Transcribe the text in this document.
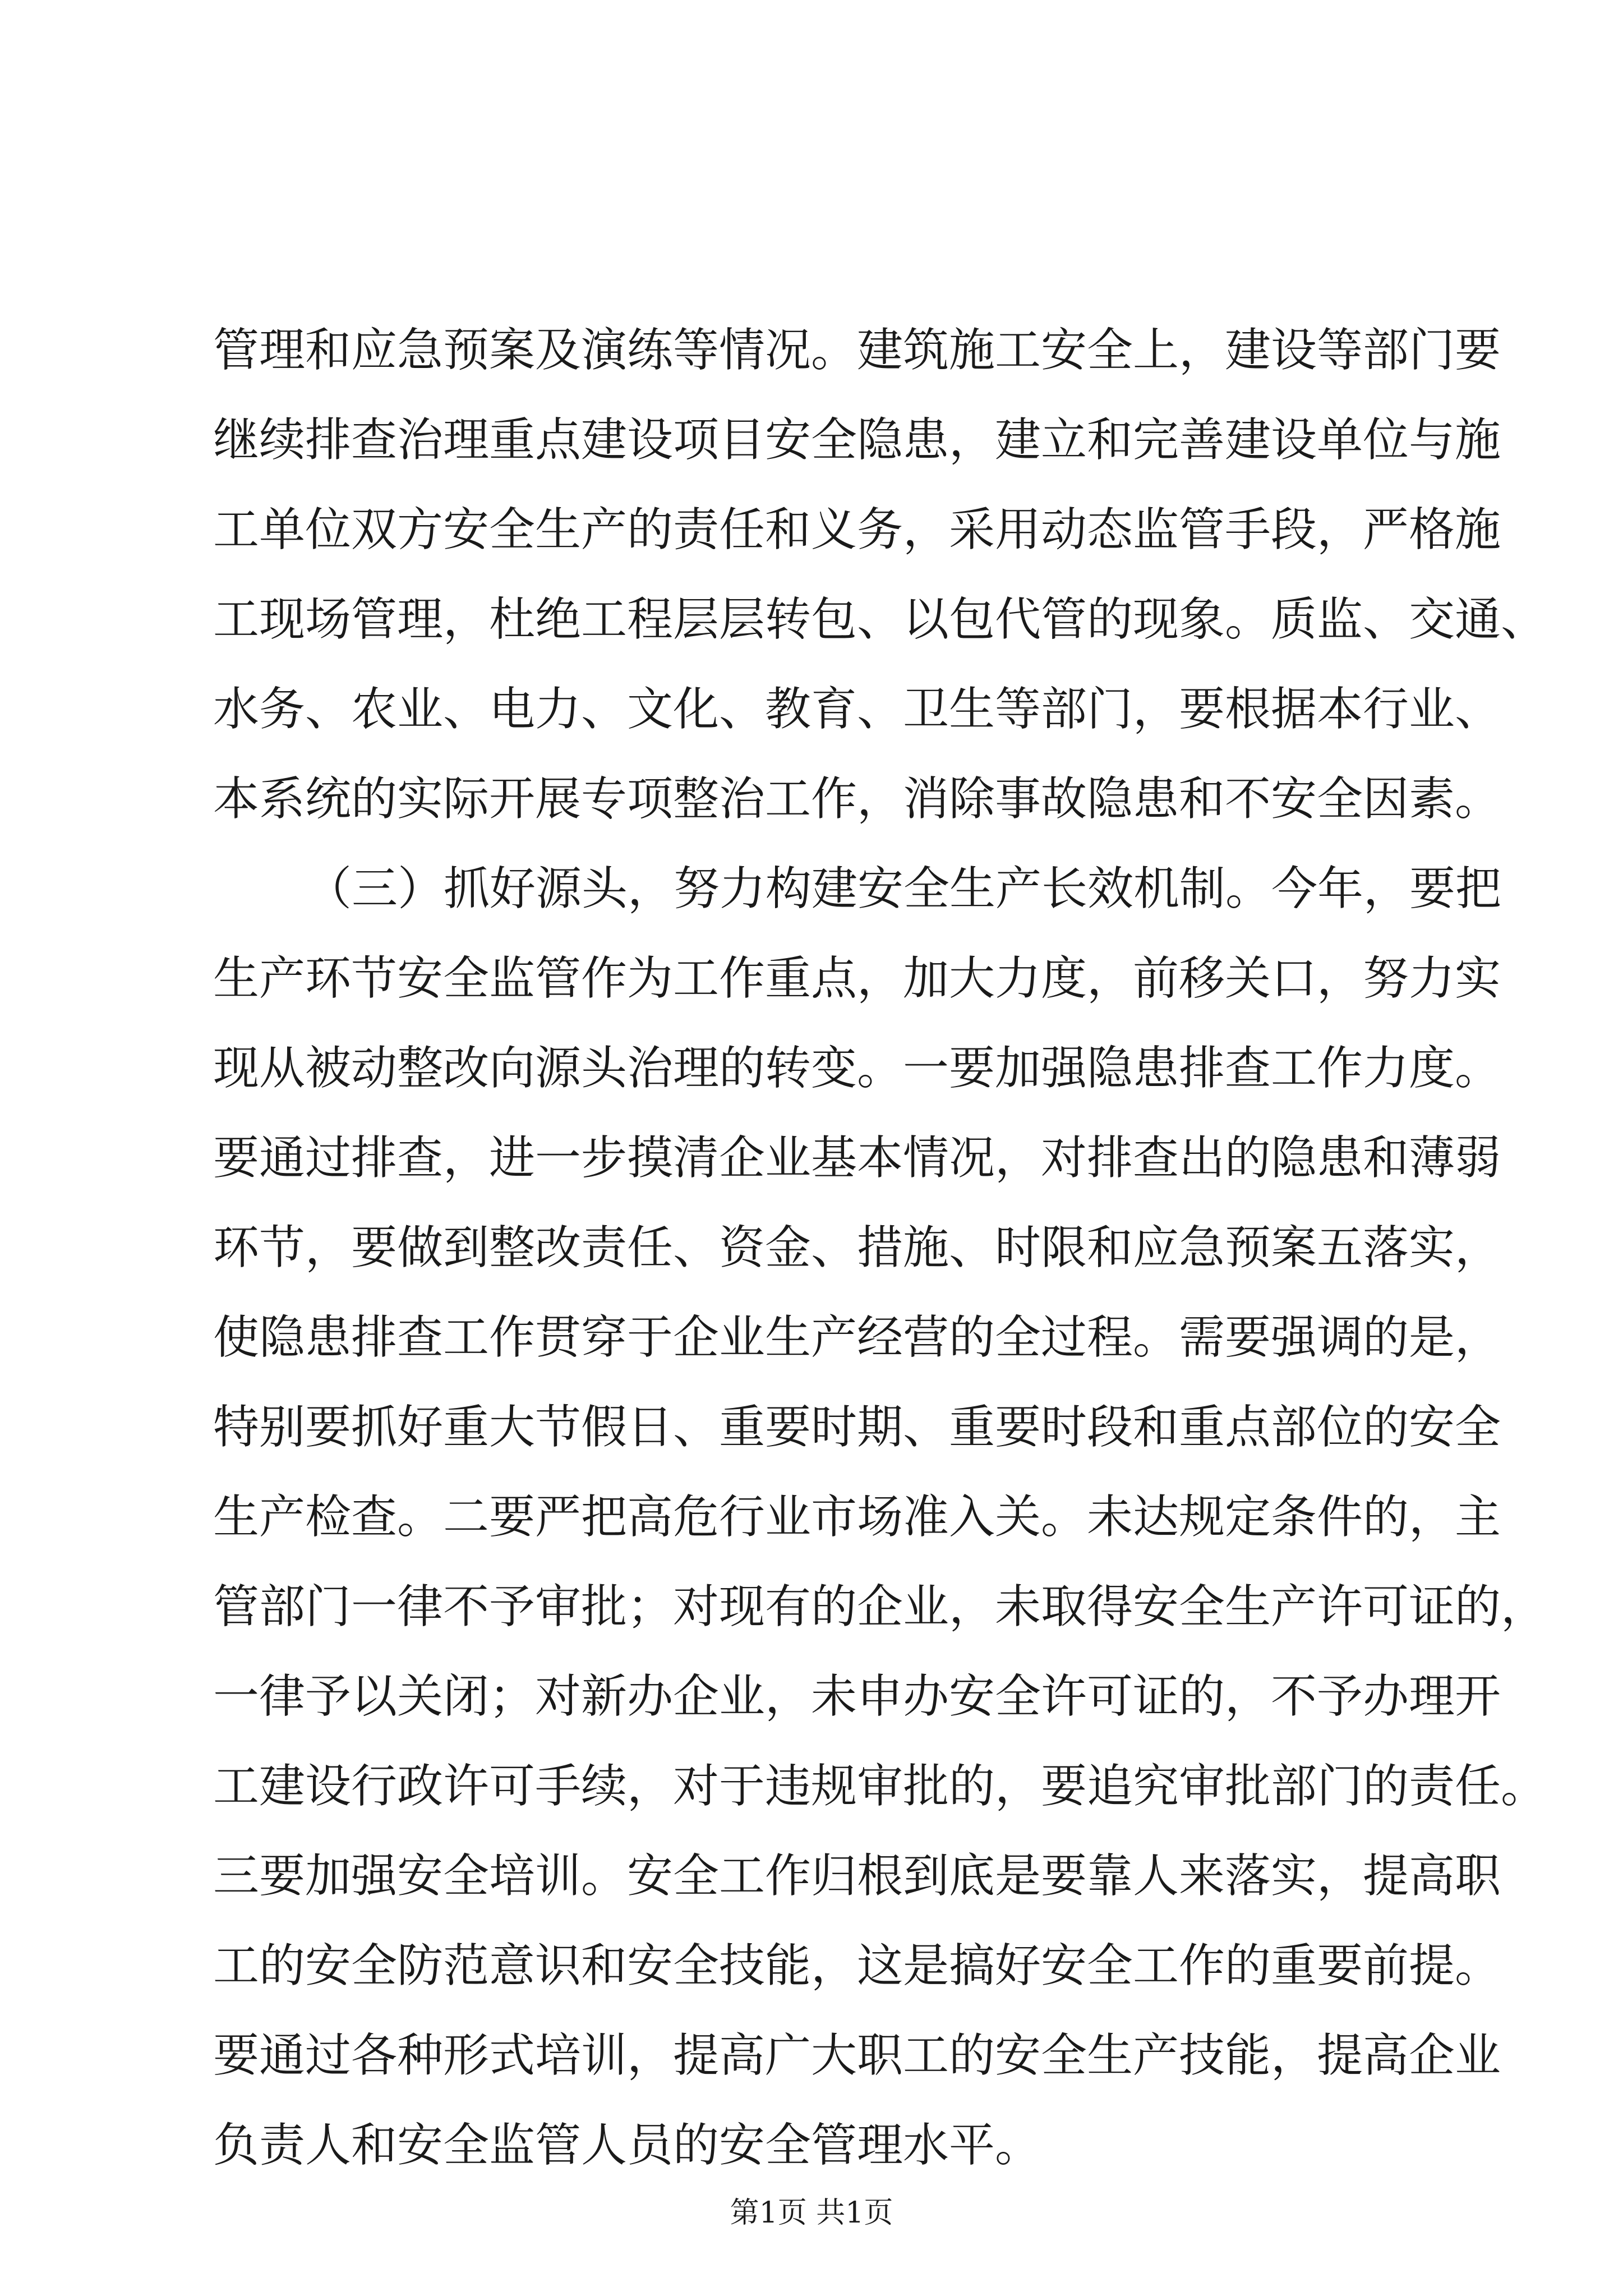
管理和应急预案及演练等情况。建筑施工安全上，建设等部门要
继续排查治理重点建设项目安全隐患，建立和完善建设单位与施
工单位双方安全生产的责任和义务，采用动态监管手段，严格施
工现场管理，杜绝工程层层转包、以包代管的现象。质监、交通、
水务、农业、电力、文化、教育、卫生等部门，要根据本行业、
本系统的实际开展专项整治工作，消除事故隐患和不安全因素。
（三）抓好源头，努力构建安全生产长效机制。今年，要把
生产环节安全监管作为工作重点，加大力度，前移关口，努力实
现从被动整改向源头治理的转变。一要加强隐患排查工作力度。
要通过排查，进一步摸清企业基本情况，对排查出的隐患和薄弱
环节，要做到整改责任、资金、措施、时限和应急预案五落实，
使隐患排查工作贯穿于企业生产经营的全过程。需要强调的是，
特别要抓好重大节假日、重要时期、重要时段和重点部位的安全
生产检查。二要严把高危行业市场准入关。未达规定条件的，主
管部门一律不予审批；对现有的企业，未取得安全生产许可证的，
一律予以关闭；对新办企业，未申办安全许可证的，不予办理开
工建设行政许可手续，对于违规审批的，要追究审批部门的责任。
三要加强安全培训。安全工作归根到底是要靠人来落实，提高职
工的安全防范意识和安全技能，这是搞好安全工作的重要前提。
要通过各种形式培训，提高广大职工的安全生产技能，提高企业
负责人和安全监管人员的安全管理水平。
第1页 共1页
